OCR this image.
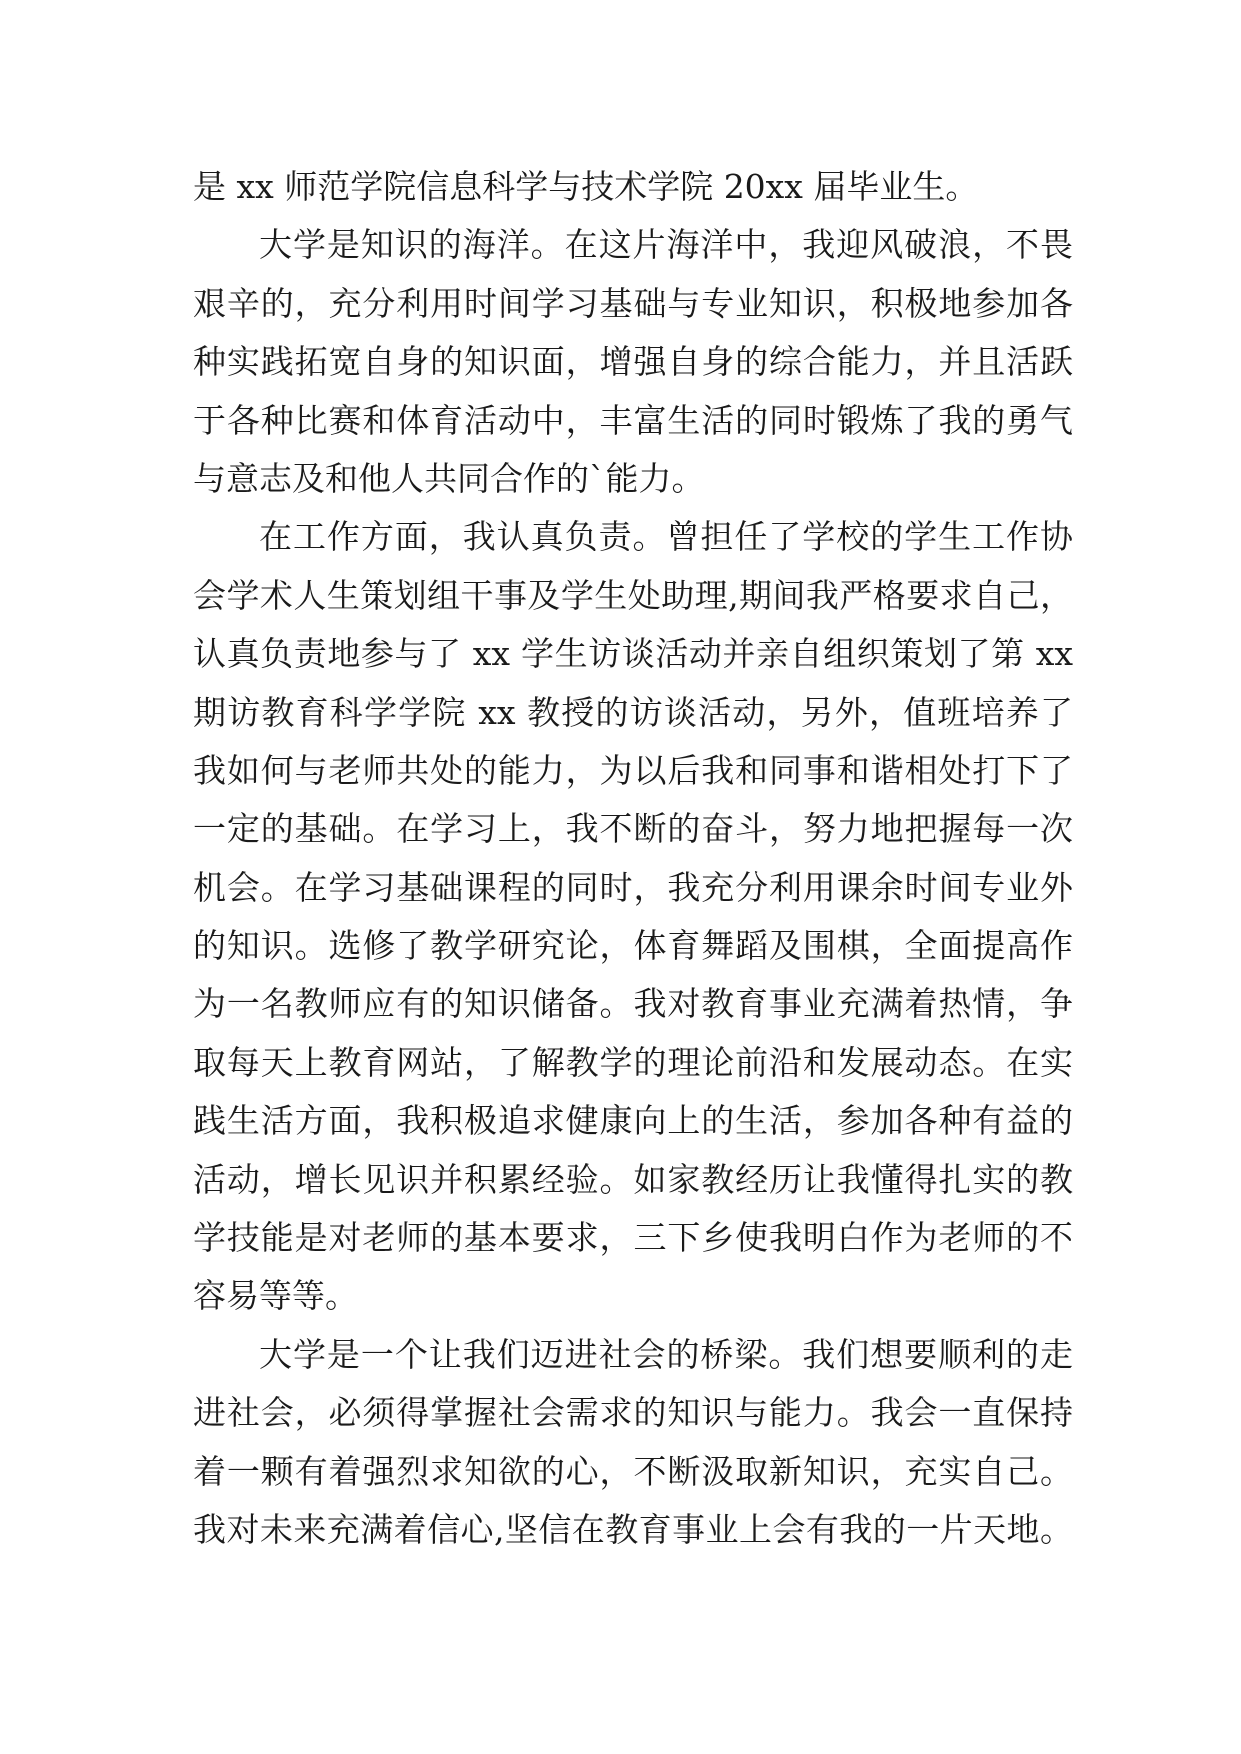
是 xx 师范学院信息科学与技术学院 20xx 届毕业生。
大学是知识的海洋。在这片海洋中，我迎风破浪，不畏
艰辛的，充分利用时间学习基础与专业知识，积极地参加各
种实践拓宽自身的知识面，增强自身的综合能力，并且活跃
于各种比赛和体育活动中，丰富生活的同时锻炼了我的勇气
与意志及和他人共同合作的`能力。
在工作方面，我认真负责。曾担任了学校的学生工作协
会学术人生策划组干事及学生处助理,期间我严格要求自己，
认真负责地参与了 xx 学生访谈活动并亲自组织策划了第 xx
期访教育科学学院 xx 教授的访谈活动，另外，值班培养了
我如何与老师共处的能力，为以后我和同事和谐相处打下了
一定的基础。在学习上，我不断的奋斗，努力地把握每一次
机会。在学习基础课程的同时，我充分利用课余时间专业外
的知识。选修了教学研究论，体育舞蹈及围棋，全面提高作
为一名教师应有的知识储备。我对教育事业充满着热情，争
取每天上教育网站，了解教学的理论前沿和发展动态。在实
践生活方面，我积极追求健康向上的生活，参加各种有益的
活动，增长见识并积累经验。如家教经历让我懂得扎实的教
学技能是对老师的基本要求，三下乡使我明白作为老师的不
容易等等。
大学是一个让我们迈进社会的桥梁。我们想要顺利的走
进社会，必须得掌握社会需求的知识与能力。我会一直保持
着一颗有着强烈求知欲的心，不断汲取新知识，充实自己。
我对未来充满着信心,坚信在教育事业上会有我的一片天地。
